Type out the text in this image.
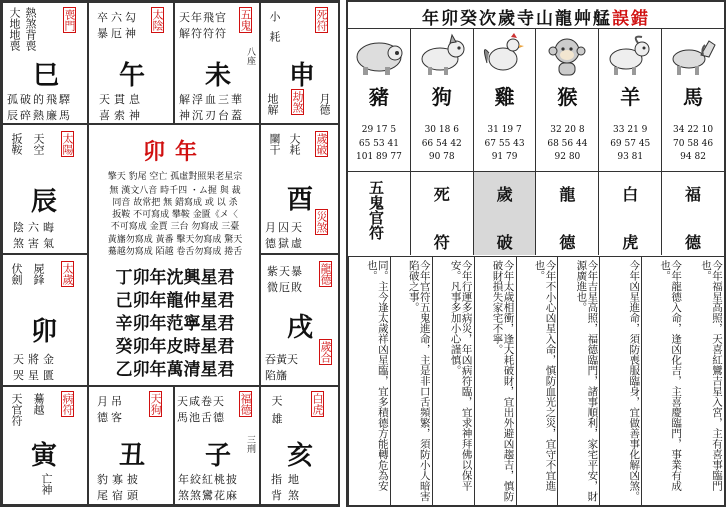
大地地喪 熱煞背喪 喪門
巳
孤破的飛驛
辰碎熱廉馬
卒六勾
暴厄神
太陰
午
天貫息
喜索神
天年飛官
解符符符
五鬼
八座
未
解浮血三華
神沉刃台蓋
小
耗
死符
申
劫煞
地解	月德
扳鞍 天空 太陽
辰
陰六晦
煞害氣
卯年
擎天 豹尾 空亡 孤虛對照果老星宗
無 漢文八音 時千四 ・ム握 與 裁
同音 故常把 無 錯寫成 或 以 杀
扳鞍 不可寫成 攀鞍 金匱《メ〈
不可寫成 金賈 三台 勿寫成 三臺
黃旛勿寫成 黃番 擊天勿寫成 驚天
驀越勿寫成 陌越 卷舌勿寫成 捲舌
丁卯年沈興星君
己卯年龍仲星君
辛卯年范寧星君
癸卯年皮時星君
乙卯年萬清星君
闌干 大耗 歲破
酉
災煞
月囚天
德獄虛
伏劍 屍鋒 太歲
卯
天將金
哭星匱
紫天暴
微厄敗
龍德
戌
歲合
吞黃天
陷旛
天官符 驀越 病符
寅
亡神
月吊
德客
天狗
丑
豹寡披
尾宿頭
天咸卷天
馬池舌德
福德
三刑
子
年絞紅桃披
煞煞鸞花麻
天
雄
白虎
亥
指地
背煞
年卯癸次歲寺山龍艸艋誤錯
豬
29 17 5
65 53 41
101 89 77
五鬼官符
狗
30 18 6
66 54 42
90 78
死
符
雞
31 19 7
67 55 43
91 79
歲
破
猴
32 20 8
68 56 44
92 80
龍
德
羊
33 21 9
69 57 45
93 81
白
虎
馬
34 22 10
70 58 46
94 82
福
德
今年福星高照，天喜紅鸞吉星入宮，主有喜事臨門也。
今年龍德入命，逢凶化吉，主喜慶臨門，事業有成也。
今年凶星進命，須防喪服臨身，宜做善事化解凶煞。
今年吉星高照，福德臨門，諸事順利，家宅平安，財源廣進也。
今年不小心凶星入命，慎防血光之災，宜守不宜進也。
今年太歲相衝，逢大耗破財，宜出外避凶趨吉，慎防破財損失家宅不寧。
今年行運多病災，年凶病符臨，宜求神拜佛以保平安。凡事多加小心謹慎。
今年官符五鬼進命，主是非口舌頻繁，須防小人暗害陷破之事。
同。主今逢太歲祥凶星臨，宜多積德方能轉危為安也。
